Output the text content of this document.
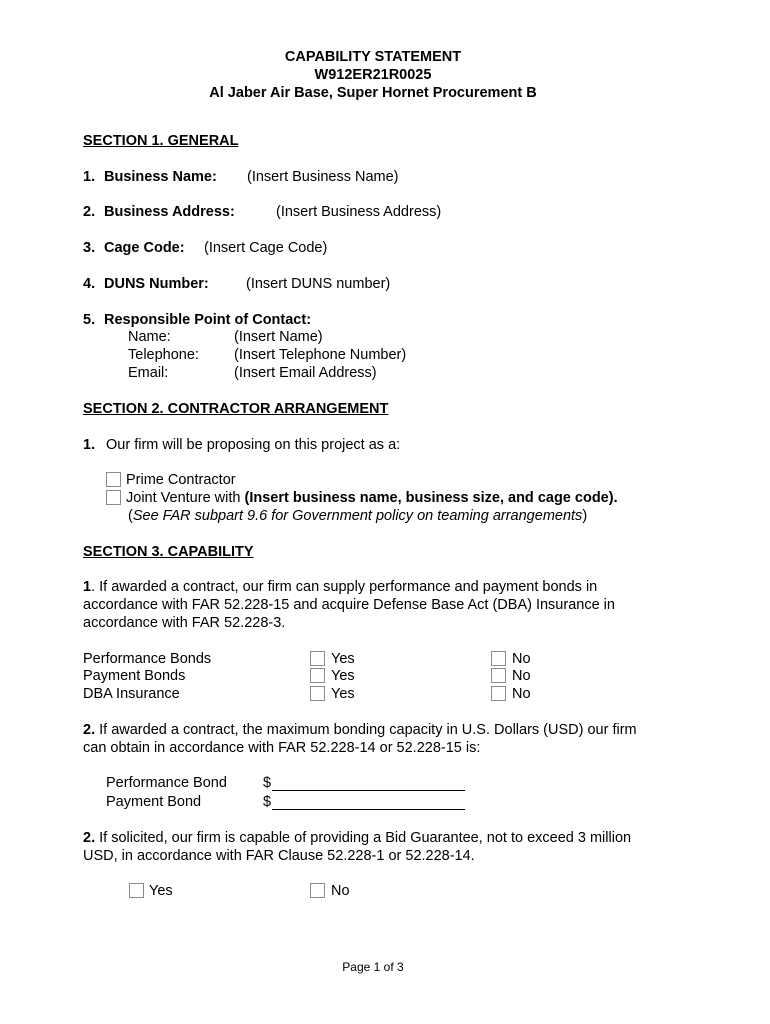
CAPABILITY STATEMENT
W912ER21R0025
Al Jaber Air Base, Super Hornet Procurement B
SECTION 1. GENERAL
1. Business Name: (Insert Business Name)
2. Business Address:	(Insert Business Address)
3. Cage Code: (Insert Cage Code)
4. DUNS Number:	(Insert DUNS number)
5. Responsible Point of Contact:
Name:	(Insert Name)
Telephone: (Insert Telephone Number)
Email:	(Insert Email Address)
SECTION 2. CONTRACTOR ARRANGEMENT
1. Our firm will be proposing on this project as a:
Prime Contractor
Joint Venture with (Insert business name, business size, and cage code).
(See FAR subpart 9.6 for Government policy on teaming arrangements)
SECTION 3. CAPABILITY
1. If awarded a contract, our firm can supply performance and payment bonds in accordance with FAR 52.228-15 and acquire Defense Base Act (DBA) Insurance in accordance with FAR 52.228-3.
Performance Bonds	Yes	No
Payment Bonds	Yes	No
DBA Insurance	Yes	No
2. If awarded a contract, the maximum bonding capacity in U.S. Dollars (USD) our firm can obtain in accordance with FAR 52.228-14 or 52.228-15 is:
Performance Bond $
Payment Bond	$
2. If solicited, our firm is capable of providing a Bid Guarantee, not to exceed 3 million USD, in accordance with FAR Clause 52.228-1 or 52.228-14.
Yes	No
Page 1 of 3
